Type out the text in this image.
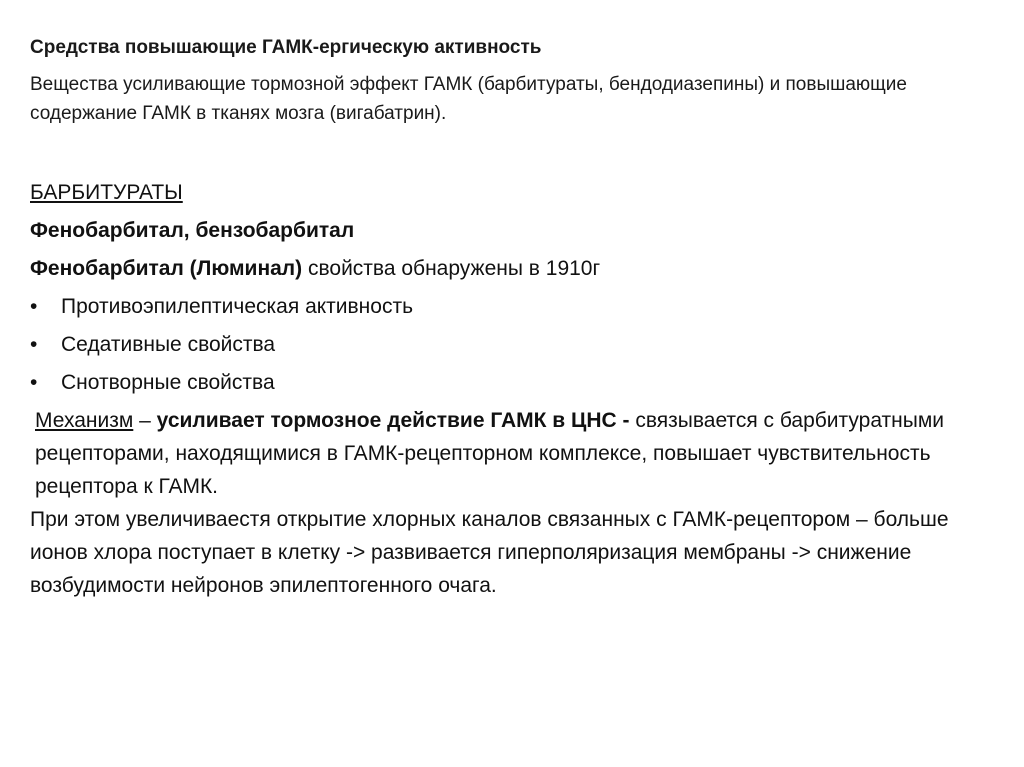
Средства повышающие ГАМК-ергическую активность
Вещества усиливающие тормозной эффект ГАМК (барбитураты, бендодиазепины) и повышающие содержание ГАМК в тканях мозга (вигабатрин).

БАРБИТУРАТЫ

Фенобарбитал, бензобарбитал

Фенобарбитал (Люминал) свойства обнаружены в 1910г

•	Противоэпилептическая активность
•	Седативные свойства
•	Снотворные свойства

Механизм – усиливает тормозное действие ГАМК в ЦНС - связывается с барбитуратными рецепторами, находящимися в ГАМК-рецепторном комплексе, повышает чувствительность рецептора к ГАМК.

При этом увеличиваестя открытие хлорных каналов связанных с ГАМК-рецептором – больше ионов хлора поступает в клетку -> развивается гиперполяризация мембраны -> снижение возбудимости нейронов эпилептогенного очага.
